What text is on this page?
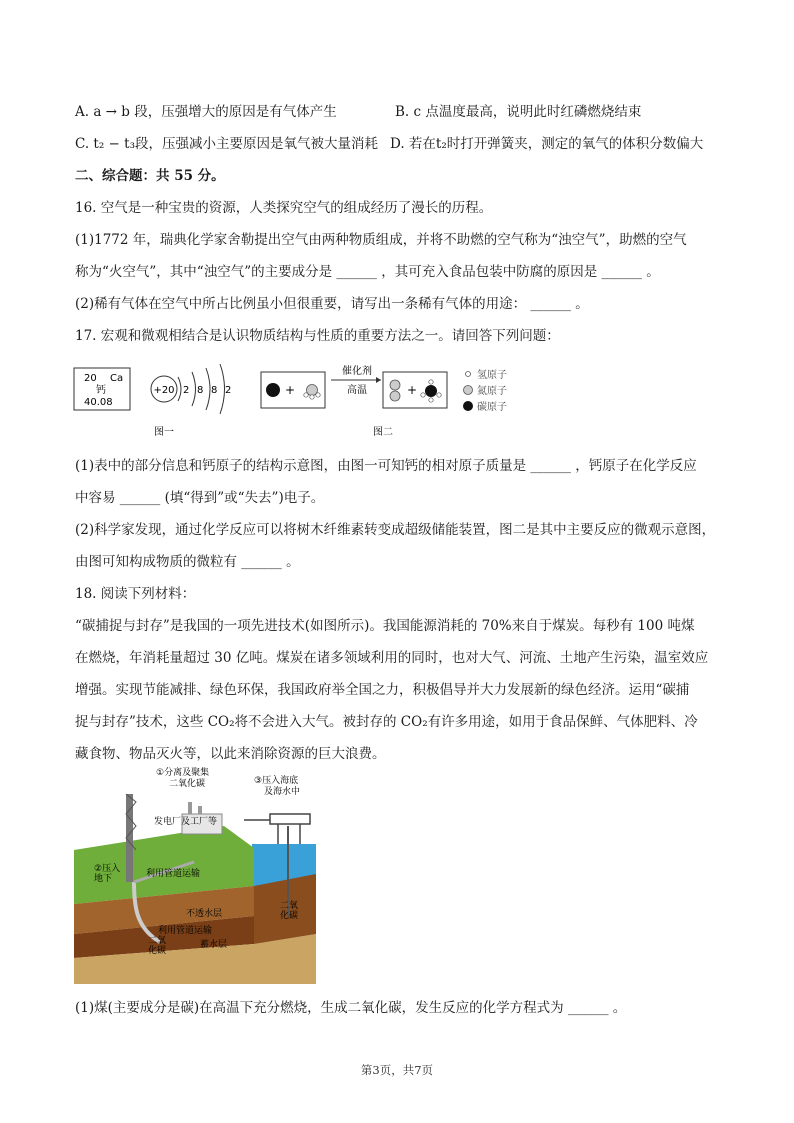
A. a → b 段，压强增大的原因是有气体产生	B. c 点温度最高，说明此时红磷燃烧结束
C. t₂ − t₃段，压强减小主要原因是氧气被大量消耗 D. 若在t₂时打开弹簧夹，测定的氧气的体积分数偏大
二、综合题：共 55 分。
16. 空气是一种宝贵的资源，人类探究空气的组成经历了漫长的历程。
(1)1772 年，瑞典化学家舍勒提出空气由两种物质组成，并将不助燃的空气称为“浊空气”，助燃的空气
称为“火空气”，其中“浊空气”的主要成分是 ______ ，其可充入食品包装中防腐的原因是 ______ 。
(2)稀有气体在空气中所占比例虽小但很重要，请写出一条稀有气体的用途： ______ 。
17. 宏观和微观相结合是认识物质结构与性质的重要方法之一。请回答下列问题：
20 Ca
钙
40.08
+20 2 8 8 2
图一
+
催化剂
高温	+
氢原子
氮原子
碳原子
图二
(1)表中的部分信息和钙原子的结构示意图，由图一可知钙的相对原子质量是 ______ ，钙原子在化学反应
中容易 ______ (填“得到”或“失去”)电子。
(2)科学家发现，通过化学反应可以将树木纤维素转变成超级储能装置，图二是其中主要反应的微观示意图，
由图可知构成物质的微粒有 ______ 。
18. 阅读下列材料：
“碳捕捉与封存”是我国的一项先进技术(如图所示)。我国能源消耗的 70%来自于煤炭。每秒有 100 吨煤
在燃烧，年消耗量超过 30 亿吨。煤炭在诸多领域利用的同时，也对大气、河流、土地产生污染，温室效应
增强。实现节能减排、绿色环保，我国政府举全国之力，积极倡导并大力发展新的绿色经济。运用“碳捕
捉与封存”技术，这些 CO₂将不会进入大气。被封存的 CO₂有许多用途，如用于食品保鲜、气体肥料、冷
藏食物、物品灭火等，以此来消除资源的巨大浪费。
①分离及聚集
二氧化碳	③压入海底
及海水中
发电厂及工厂等
②压入
地下	利用管道运输
不透水层
利用管道运输
二氧
化碳
蓄水层
二氧
化碳
(1)煤(主要成分是碳)在高温下充分燃烧，生成二氧化碳，发生反应的化学方程式为 ______ 。
第3页，共7页
